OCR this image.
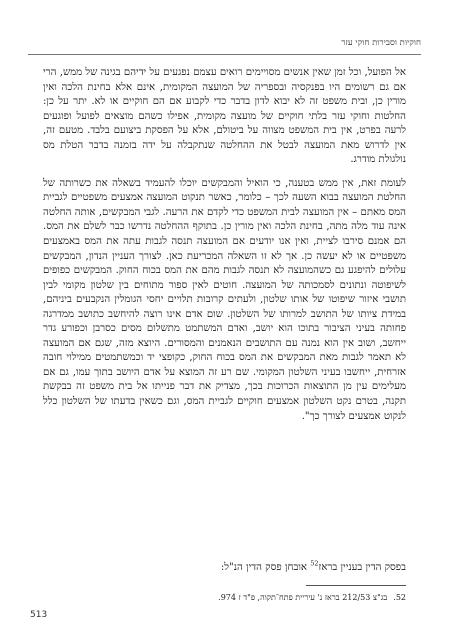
חוקיות וסבירות חוקי עזר

אל הפועל, וכל זמן שאין אנשים מסויימים רואים עצמם נפגעים על ידיהם בגינה של ממש, הרי אם גם רשומים היו בפנקסיה ובספריה של המועצה המקומית, אינם אלא בחינת הלכה ואין מורין כן, ובית משפט זה לא יבוא לדון בדבר כדי לקבוע אם הם חוקיים או לא. יתר על כן: החלטות וחוקי עזר בלתי חוקיים של מועצה מקומית, אפילו כשהם מוצאים לפועל ופוגעים לרעה בפרט, אין בית המשפט מצווה על ביטולם, אלא על הפסקת ביצועם בלבד. מטעם זה, אין לדרוש מאת המועצה לבטל את ההחלטה שנתקבלה על ידה בזמנה בדבר הטלת מס נולגולת מודרג.

לעומת זאת, אין ממש בטענה, כי הואיל והמבקשים יוכלו להעמיד בשאלה את כשרותה של החלטת המועצה בבוא השעה לכך – כלומר, כאשר תנקוט המועצה אמצעים משפטיים לגביית המס מאתם – אין המועצה לבית המשפט כדי לקדם את הרעה. לגבי המבקשים, אותה החלטה אינה עוד מלה מתה, בחינת הלכה ואין מורין כן. בתוקף ההחלטה נדרשו כבר לשלם את המס. הם אמנם סירבו לציית, ואין אנו יודעים אם המועצה תנסה לגבות עתה את המס באמצעים משפטיים או לא יעשה כן. אך לא זו השאלה המכריעת כאן. לצורך העניין הנדון, המבקשים עלולים להיפגע גם כשהמועצה לא תנסה לגבות מהם את המס בכוח החוק. המבקשים כפופים לשיפוטה ונתונים לסמכותה של המועצה. חוטים לאין ספור מתוחים בין שלטון מקומי לבין תושבי איזור שיפוטו של אותו שלטון, ולעתים קרובות תלויים יחסי הגומלין הנקבעים ביניהם, במידת ציותו של התושב למרותו של השלטון. שום אדם אינו רוצה להיחשב כתושב ממדרגה פחותה בעיני הציבור בתוכו הוא יושב, ואדם המשתמט מתשלום מסים כסרבן וכפורע גדר ייחשב, ושוב אין הוא נמנה עם התושבים הנאמנים והמסורים. היוצא מזה, שגם אם המועצה לא תאמר לגבות מאת המבקשים את המס בכוח החוק, כקופצי יד וכמשתמטים ממילוי חובה אזרחית, ייחשבו בעיני השלטון המקומי. שם רע זה המוצא על אדם היושב בתוך עמו, גם אם מעלימים עין מן התוצאות הכרוכות בכך, מצדיק את דבר פנייתו אל בית משפט זה בבקשת תקנה, בטרם נקט השלטון אמצעים חוקיים לגביית המס, וגם כשאין בדעתו של השלטון כלל לנקוט אמצעים לצורך כך".

בפסק הדין בעניין בראז$^{52}$ אובחן פסק הדין הנ"ל:
52.בג"צ 212/53 בראז נ' עיריית פתח־תקוה, פ"ד ז 974.
513
